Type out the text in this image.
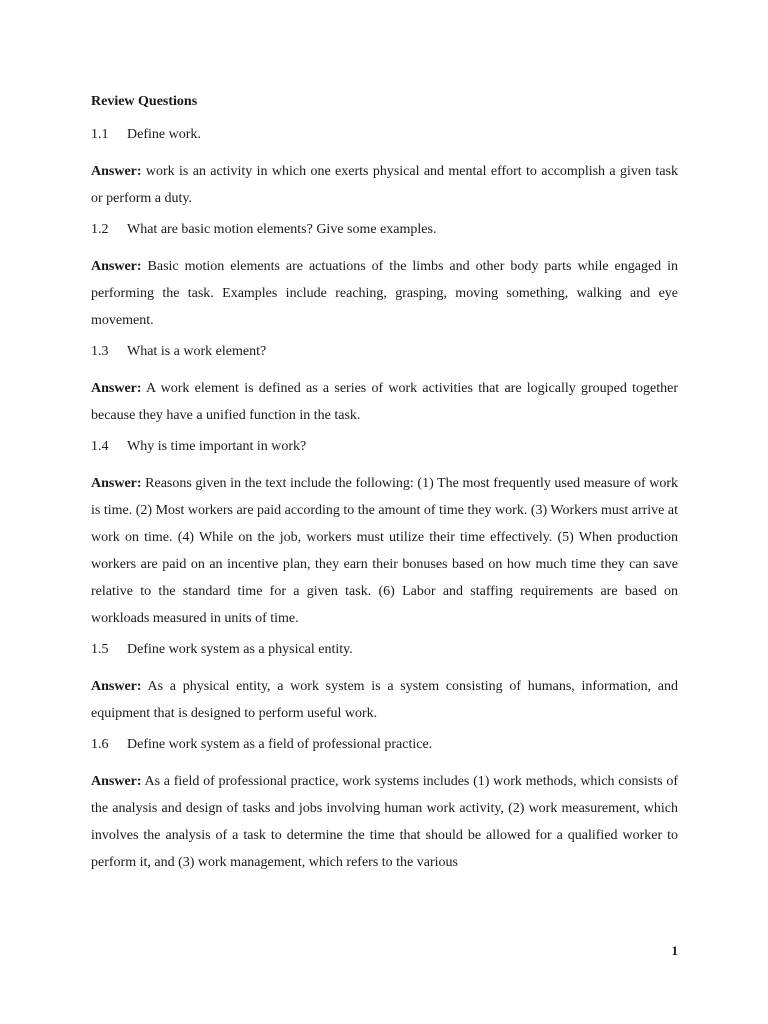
Review Questions
1.1	Define work.
Answer: work is an activity in which one exerts physical and mental effort to accomplish a given task or perform a duty.
1.2	What are basic motion elements? Give some examples.
Answer: Basic motion elements are actuations of the limbs and other body parts while engaged in performing the task. Examples include reaching, grasping, moving something, walking and eye movement.
1.3	What is a work element?
Answer: A work element is defined as a series of work activities that are logically grouped together because they have a unified function in the task.
1.4	Why is time important in work?
Answer: Reasons given in the text include the following: (1) The most frequently used measure of work is time. (2) Most workers are paid according to the amount of time they work. (3) Workers must arrive at work on time. (4) While on the job, workers must utilize their time effectively. (5) When production workers are paid on an incentive plan, they earn their bonuses based on how much time they can save relative to the standard time for a given task. (6) Labor and staffing requirements are based on workloads measured in units of time.
1.5	Define work system as a physical entity.
Answer: As a physical entity, a work system is a system consisting of humans, information, and equipment that is designed to perform useful work.
1.6	Define work system as a field of professional practice.
Answer: As a field of professional practice, work systems includes (1) work methods, which consists of the analysis and design of tasks and jobs involving human work activity, (2) work measurement, which involves the analysis of a task to determine the time that should be allowed for a qualified worker to perform it, and (3) work management, which refers to the various
1
